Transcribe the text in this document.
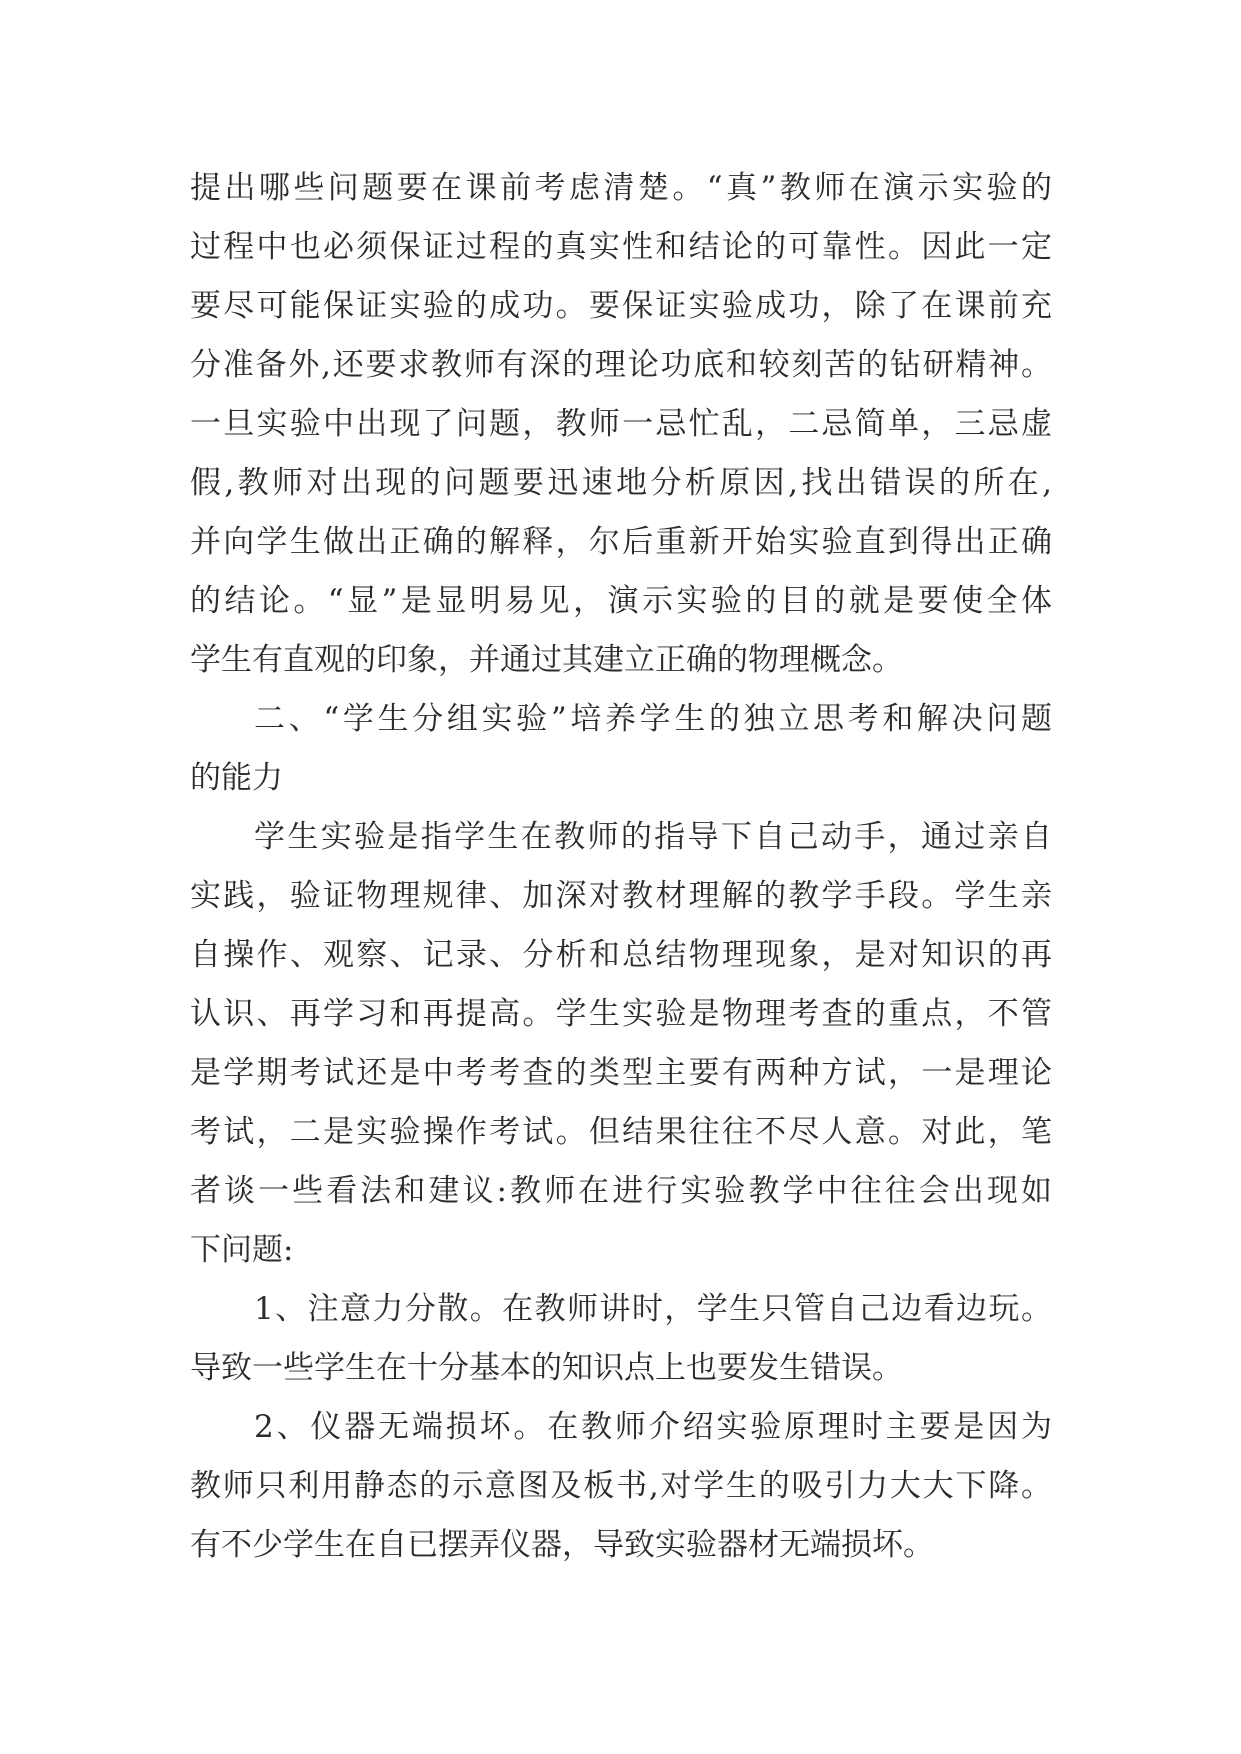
提出哪些问题要在课前考虑清楚。“真”教师在演示实验的
过程中也必须保证过程的真实性和结论的可靠性。因此一定
要尽可能保证实验的成功。要保证实验成功，除了在课前充
分准备外,还要求教师有深的理论功底和较刻苦的钻研精神。
一旦实验中出现了问题，教师一忌忙乱，二忌简单，三忌虚
假,教师对出现的问题要迅速地分析原因,找出错误的所在,
并向学生做出正确的解释，尔后重新开始实验直到得出正确
的结论。“显”是显明易见，演示实验的目的就是要使全体
学生有直观的印象，并通过其建立正确的物理概念。
二、“学生分组实验”培养学生的独立思考和解决问题
的能力
学生实验是指学生在教师的指导下自己动手，通过亲自
实践，验证物理规律、加深对教材理解的教学手段。学生亲
自操作、观察、记录、分析和总结物理现象，是对知识的再
认识、再学习和再提高。学生实验是物理考查的重点，不管
是学期考试还是中考考查的类型主要有两种方试，一是理论
考试，二是实验操作考试。但结果往往不尽人意。对此，笔
者谈一些看法和建议:教师在进行实验教学中往往会出现如
下问题:
1、注意力分散。在教师讲时，学生只管自己边看边玩。
导致一些学生在十分基本的知识点上也要发生错误。
2、仪器无端损坏。在教师介绍实验原理时主要是因为
教师只利用静态的示意图及板书,对学生的吸引力大大下降。
有不少学生在自已摆弄仪器，导致实验器材无端损坏。
